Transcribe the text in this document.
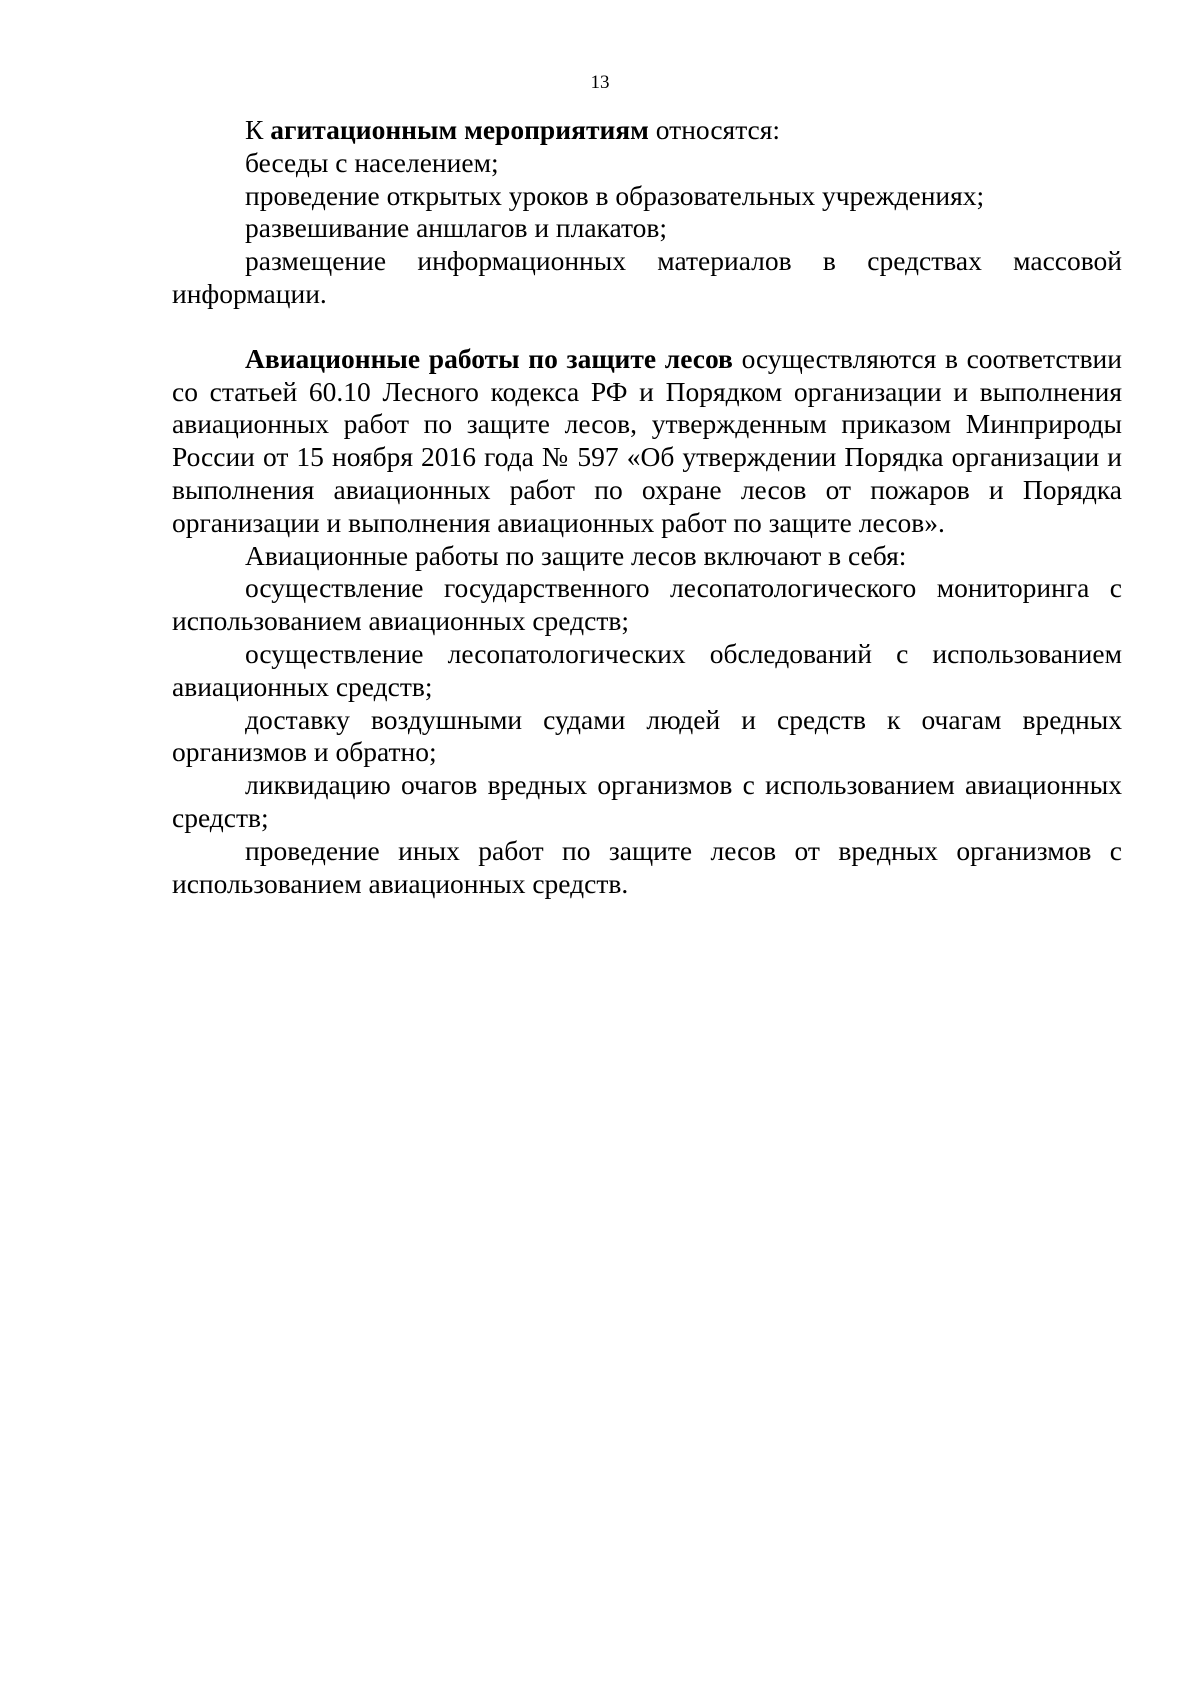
13

К агитационным мероприятиям относятся:

беседы с населением;

проведение открытых уроков в образовательных учреждениях;

развешивание аншлагов и плакатов;

размещение информационных материалов в средствах массовой информации.

Авиационные работы по защите лесов осуществляются в соответствии со статьей 60.10 Лесного кодекса РФ и Порядком организации и выполнения авиационных работ по защите лесов, утвержденным приказом Минприроды России от 15 ноября 2016 года № 597 «Об утверждении Порядка организации и выполнения авиационных работ по охране лесов от пожаров и Порядка организации и выполнения авиационных работ по защите лесов».

Авиационные работы по защите лесов включают в себя:

осуществление государственного лесопатологического мониторинга с использованием авиационных средств;

осуществление лесопатологических обследований с использованием авиационных средств;

доставку воздушными судами людей и средств к очагам вредных организмов и обратно;

ликвидацию очагов вредных организмов с использованием авиационных средств;

проведение иных работ по защите лесов от вредных организмов с использованием авиационных средств.
